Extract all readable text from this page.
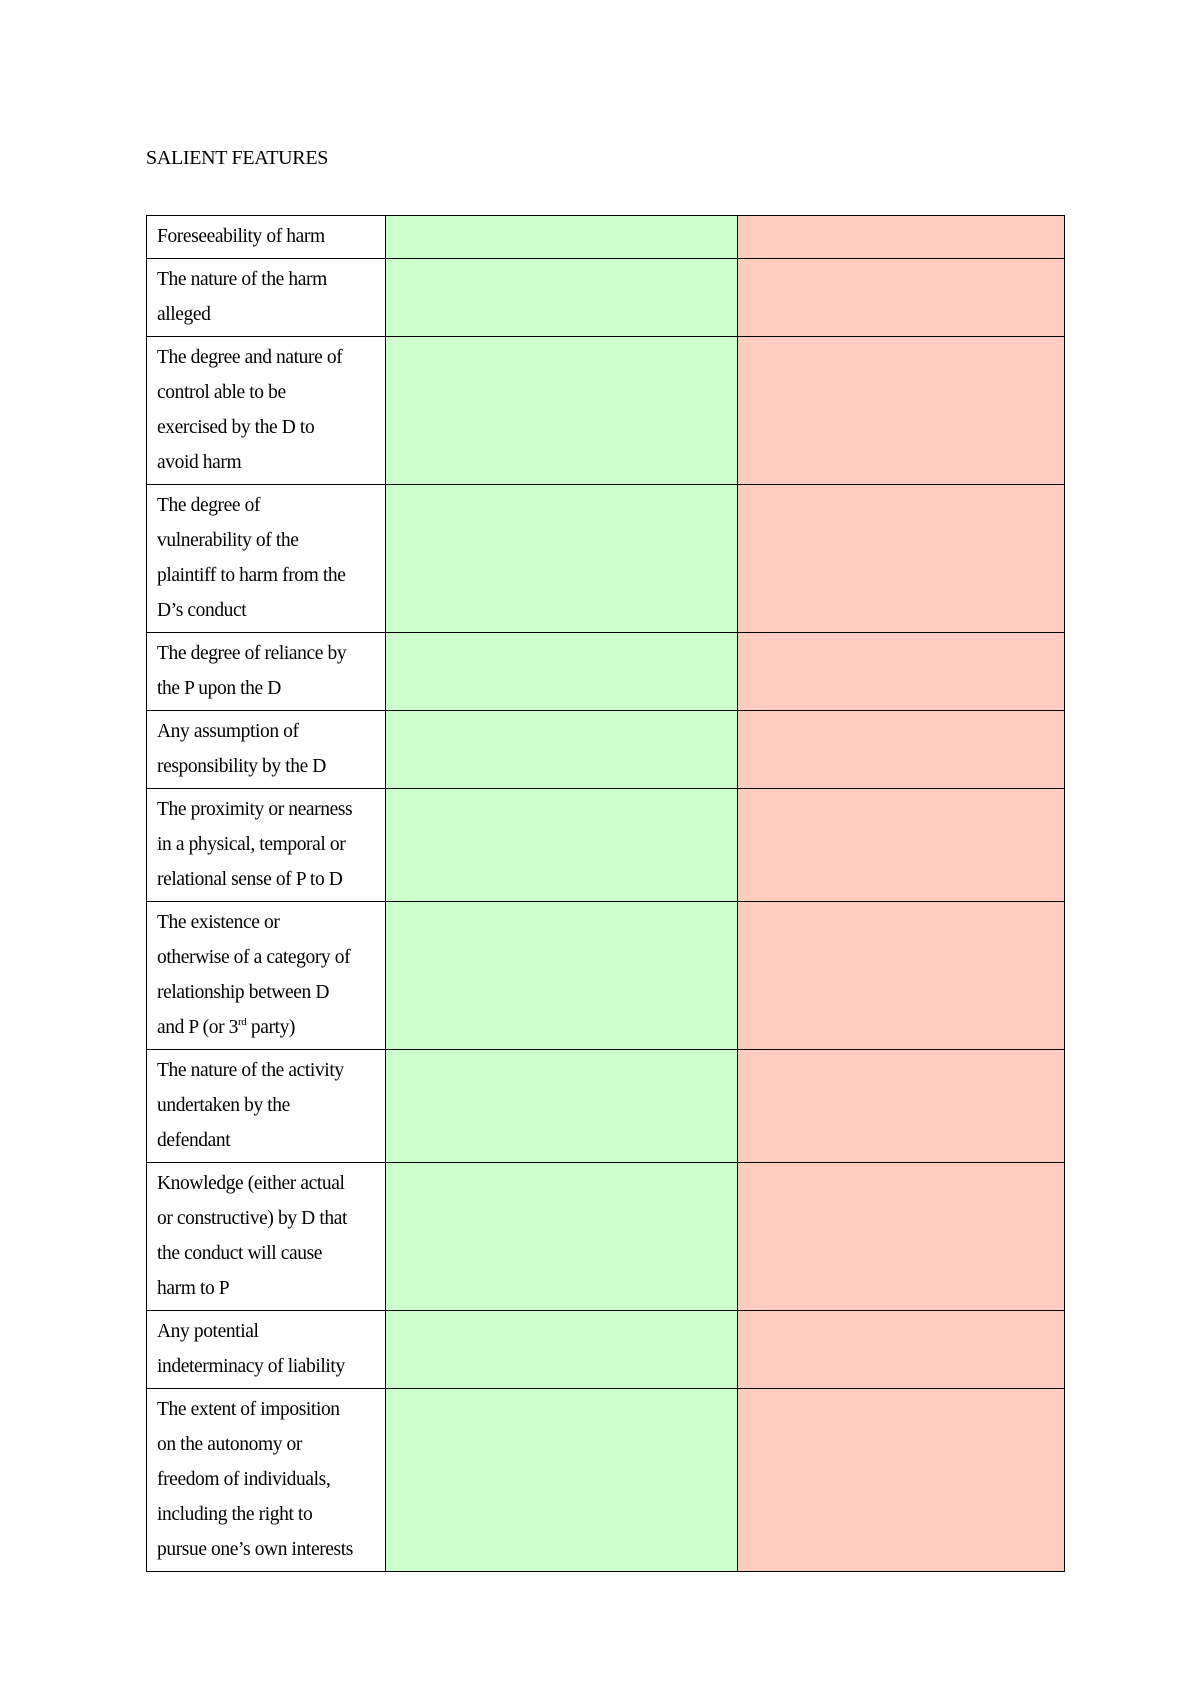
SALIENT FEATURES
Foreseeability of harm		

The nature of the harm
alleged		

The degree and nature of
control able to be
exercised by the D to
avoid harm		

The degree of
vulnerability of the
plaintiff to harm from the
D’s conduct		

The degree of reliance by
the P upon the D		

Any assumption of
responsibility by the D		

The proximity or nearness
in a physical, temporal or
relational sense of P to D		

The existence or
otherwise of a category of
relationship between D
and P (or 3rd party)		

The nature of the activity
undertaken by the
defendant		

Knowledge (either actual
or constructive) by D that
the conduct will cause
harm to P		

Any potential
indeterminacy of liability		

The extent of imposition
on the autonomy or
freedom of individuals,
including the right to
pursue one’s own interests		
